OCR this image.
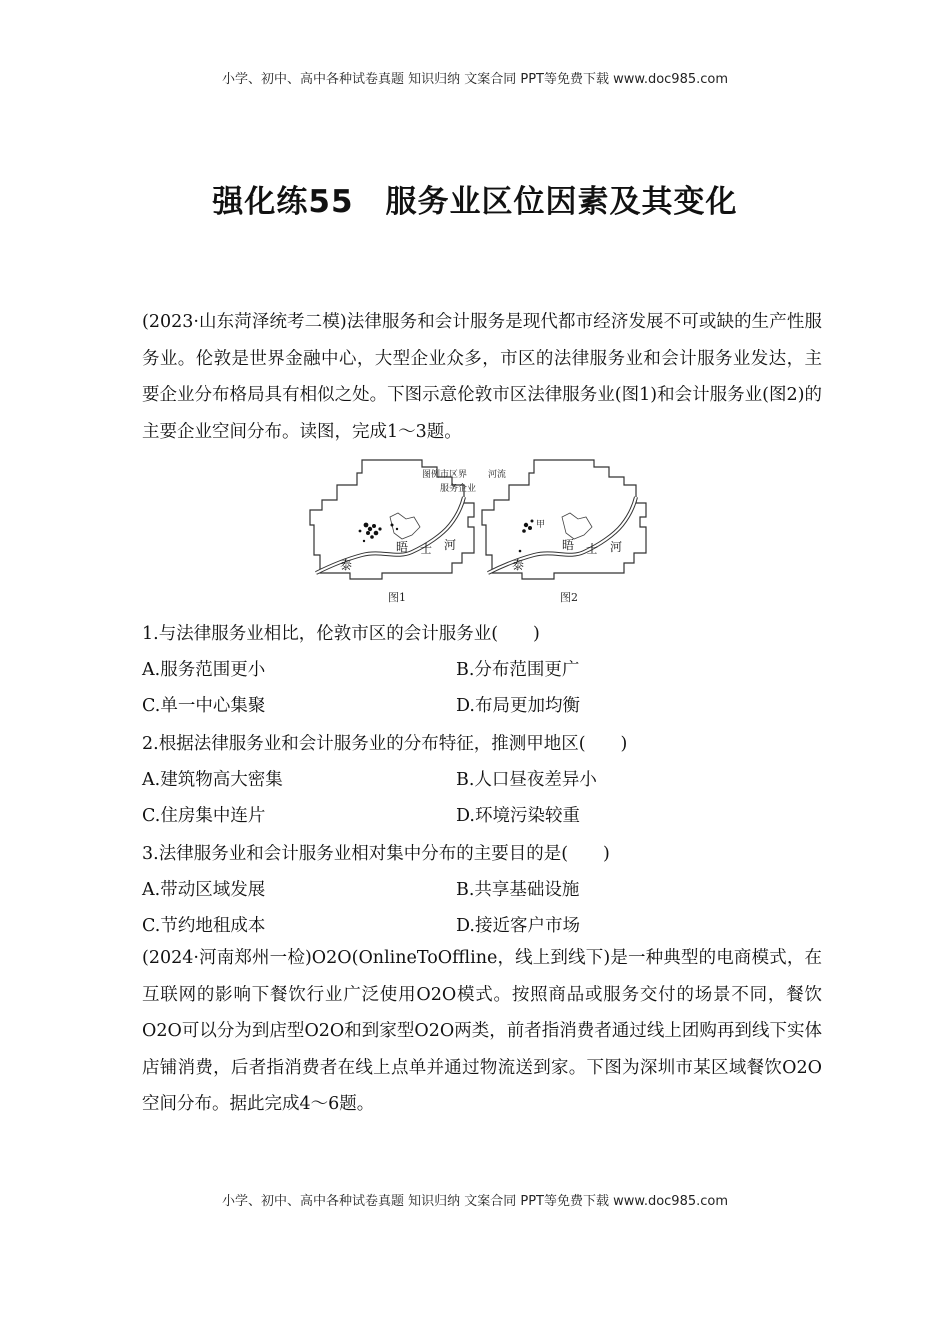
小学、初中、高中各种试卷真题 知识归纳 文案合同 PPT等免费下载 www.doc985.com
强化练55　服务业区位因素及其变化
(2023·山东菏泽统考二模)法律服务和会计服务是现代都市经济发展不可或缺的生产性服务业。伦敦是世界金融中心，大型企业众多，市区的法律服务业和会计服务业发达，主要企业分布格局具有相似之处。下图示意伦敦市区法律服务业(图1)和会计服务业(图2)的主要企业空间分布。读图，完成1～3题。
图例 市区界 河流
服务企业
泰
晤 士 河
甲
泰
晤 士 河
图1	图2
1.与法律服务业相比，伦敦市区的会计服务业(　　)
A.服务范围更小	B.分布范围更广
C.单一中心集聚	D.布局更加均衡
2.根据法律服务业和会计服务业的分布特征，推测甲地区(　　)
A.建筑物高大密集	B.人口昼夜差异小
C.住房集中连片	D.环境污染较重
3.法律服务业和会计服务业相对集中分布的主要目的是(　　)
A.带动区域发展	B.共享基础设施
C.节约地租成本	D.接近客户市场
(2024·河南郑州一检)O2O(OnlineToOffline，线上到线下)是一种典型的电商模式，在互联网的影响下餐饮行业广泛使用O2O模式。按照商品或服务交付的场景不同，餐饮O2O可以分为到店型O2O和到家型O2O两类，前者指消费者通过线上团购再到线下实体店铺消费，后者指消费者在线上点单并通过物流送到家。下图为深圳市某区域餐饮O2O空间分布。据此完成4～6题。
小学、初中、高中各种试卷真题 知识归纳 文案合同 PPT等免费下载 www.doc985.com
